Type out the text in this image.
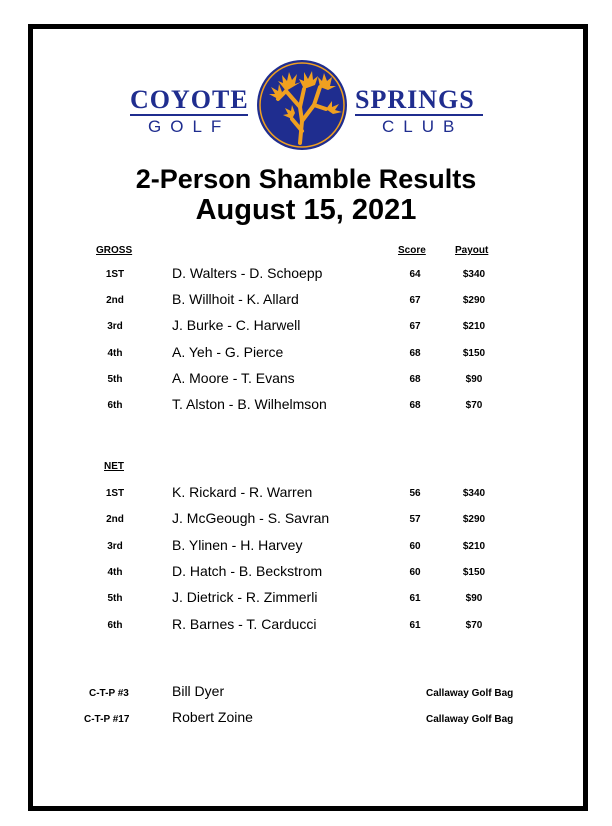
COYOTE
GOLF
SPRINGS
CLUB
2-Person Shamble Results
August 15, 2021
GROSS	Score	Payout
1ST	D. Walters - D. Schoepp	64	$340
2nd	B. Willhoit - K. Allard	67	$290
3rd	J. Burke - C. Harwell	67	$210
4th	A. Yeh - G. Pierce	68	$150
5th	A. Moore - T. Evans	68	$90
6th	T. Alston - B. Wilhelmson	68	$70
NET
1ST	K. Rickard - R. Warren	56	$340
2nd	J. McGeough - S. Savran	57	$290
3rd	B. Ylinen - H. Harvey	60	$210
4th	D. Hatch - B. Beckstrom	60	$150
5th	J. Dietrick - R. Zimmerli	61	$90
6th	R. Barnes - T. Carducci	61	$70
C-T-P #3	Bill Dyer	Callaway Golf Bag
C-T-P #17	Robert Zoine	Callaway Golf Bag
